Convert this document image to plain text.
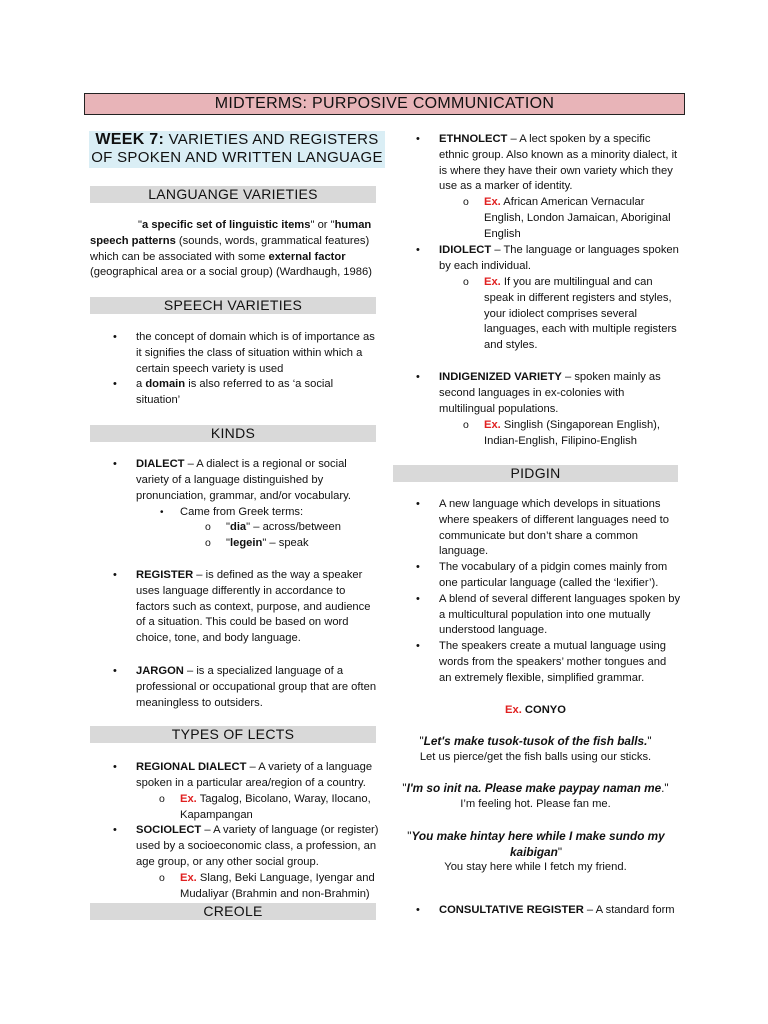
MIDTERMS: PURPOSIVE COMMUNICATION
WEEK 7: VARIETIES AND REGISTERS
OF SPOKEN AND WRITTEN LANGUAGE
LANGUANGE VARIETIES
"a specific set of linguistic items" or "human speech patterns (sounds, words, grammatical features) which can be associated with some external factor (geographical area or a social group) (Wardhaugh, 1986)
SPEECH VARIETIES
• the concept of domain which is of importance as it signifies the class of situation within which a certain speech variety is used
• a domain is also referred to as ‘a social situation’
KINDS
• DIALECT – A dialect is a regional or social variety of a language distinguished by pronunciation, grammar, and/or vocabulary.
• Came from Greek terms:
o "dia" – across/between
o "legein" – speak
• REGISTER – is defined as the way a speaker uses language differently in accordance to factors such as context, purpose, and audience of a situation. This could be based on word choice, tone, and body language.
• JARGON – is a specialized language of a professional or occupational group that are often meaningless to outsiders.
TYPES OF LECTS
• REGIONAL DIALECT – A variety of a language spoken in a particular area/region of a country.
o Ex. Tagalog, Bicolano, Waray, Ilocano, Kapampangan
• SOCIOLECT – A variety of language (or register) used by a socioeconomic class, a profession, an age group, or any other social group.
o Ex. Slang, Beki Language, Iyengar and Mudaliyar (Brahmin and non-Brahmin)
CREOLE
• ETHNOLECT – A lect spoken by a specific ethnic group. Also known as a minority dialect, it is where they have their own variety which they use as a marker of identity.
o Ex. African American Vernacular English, London Jamaican, Aboriginal English
• IDIOLECT – The language or languages spoken by each individual.
o Ex. If you are multilingual and can speak in different registers and styles, your idiolect comprises several languages, each with multiple registers and styles.
• INDIGENIZED VARIETY – spoken mainly as second languages in ex-colonies with multilingual populations.
o Ex. Singlish (Singaporean English), Indian-English, Filipino-English
PIDGIN
• A new language which develops in situations where speakers of different languages need to communicate but don’t share a common language.
• The vocabulary of a pidgin comes mainly from one particular language (called the ‘lexifier’).
• A blend of several different languages spoken by a multicultural population into one mutually understood language.
• The speakers create a mutual language using words from the speakers’ mother tongues and an extremely flexible, simplified grammar.
Ex. CONYO
"Let's make tusok-tusok of the fish balls."
Let us pierce/get the fish balls using our sticks.
"I'm so init na. Please make paypay naman me."
I’m feeling hot. Please fan me.
"You make hintay here while I make sundo my kaibigan"
You stay here while I fetch my friend.
• CONSULTATIVE REGISTER – A standard form
